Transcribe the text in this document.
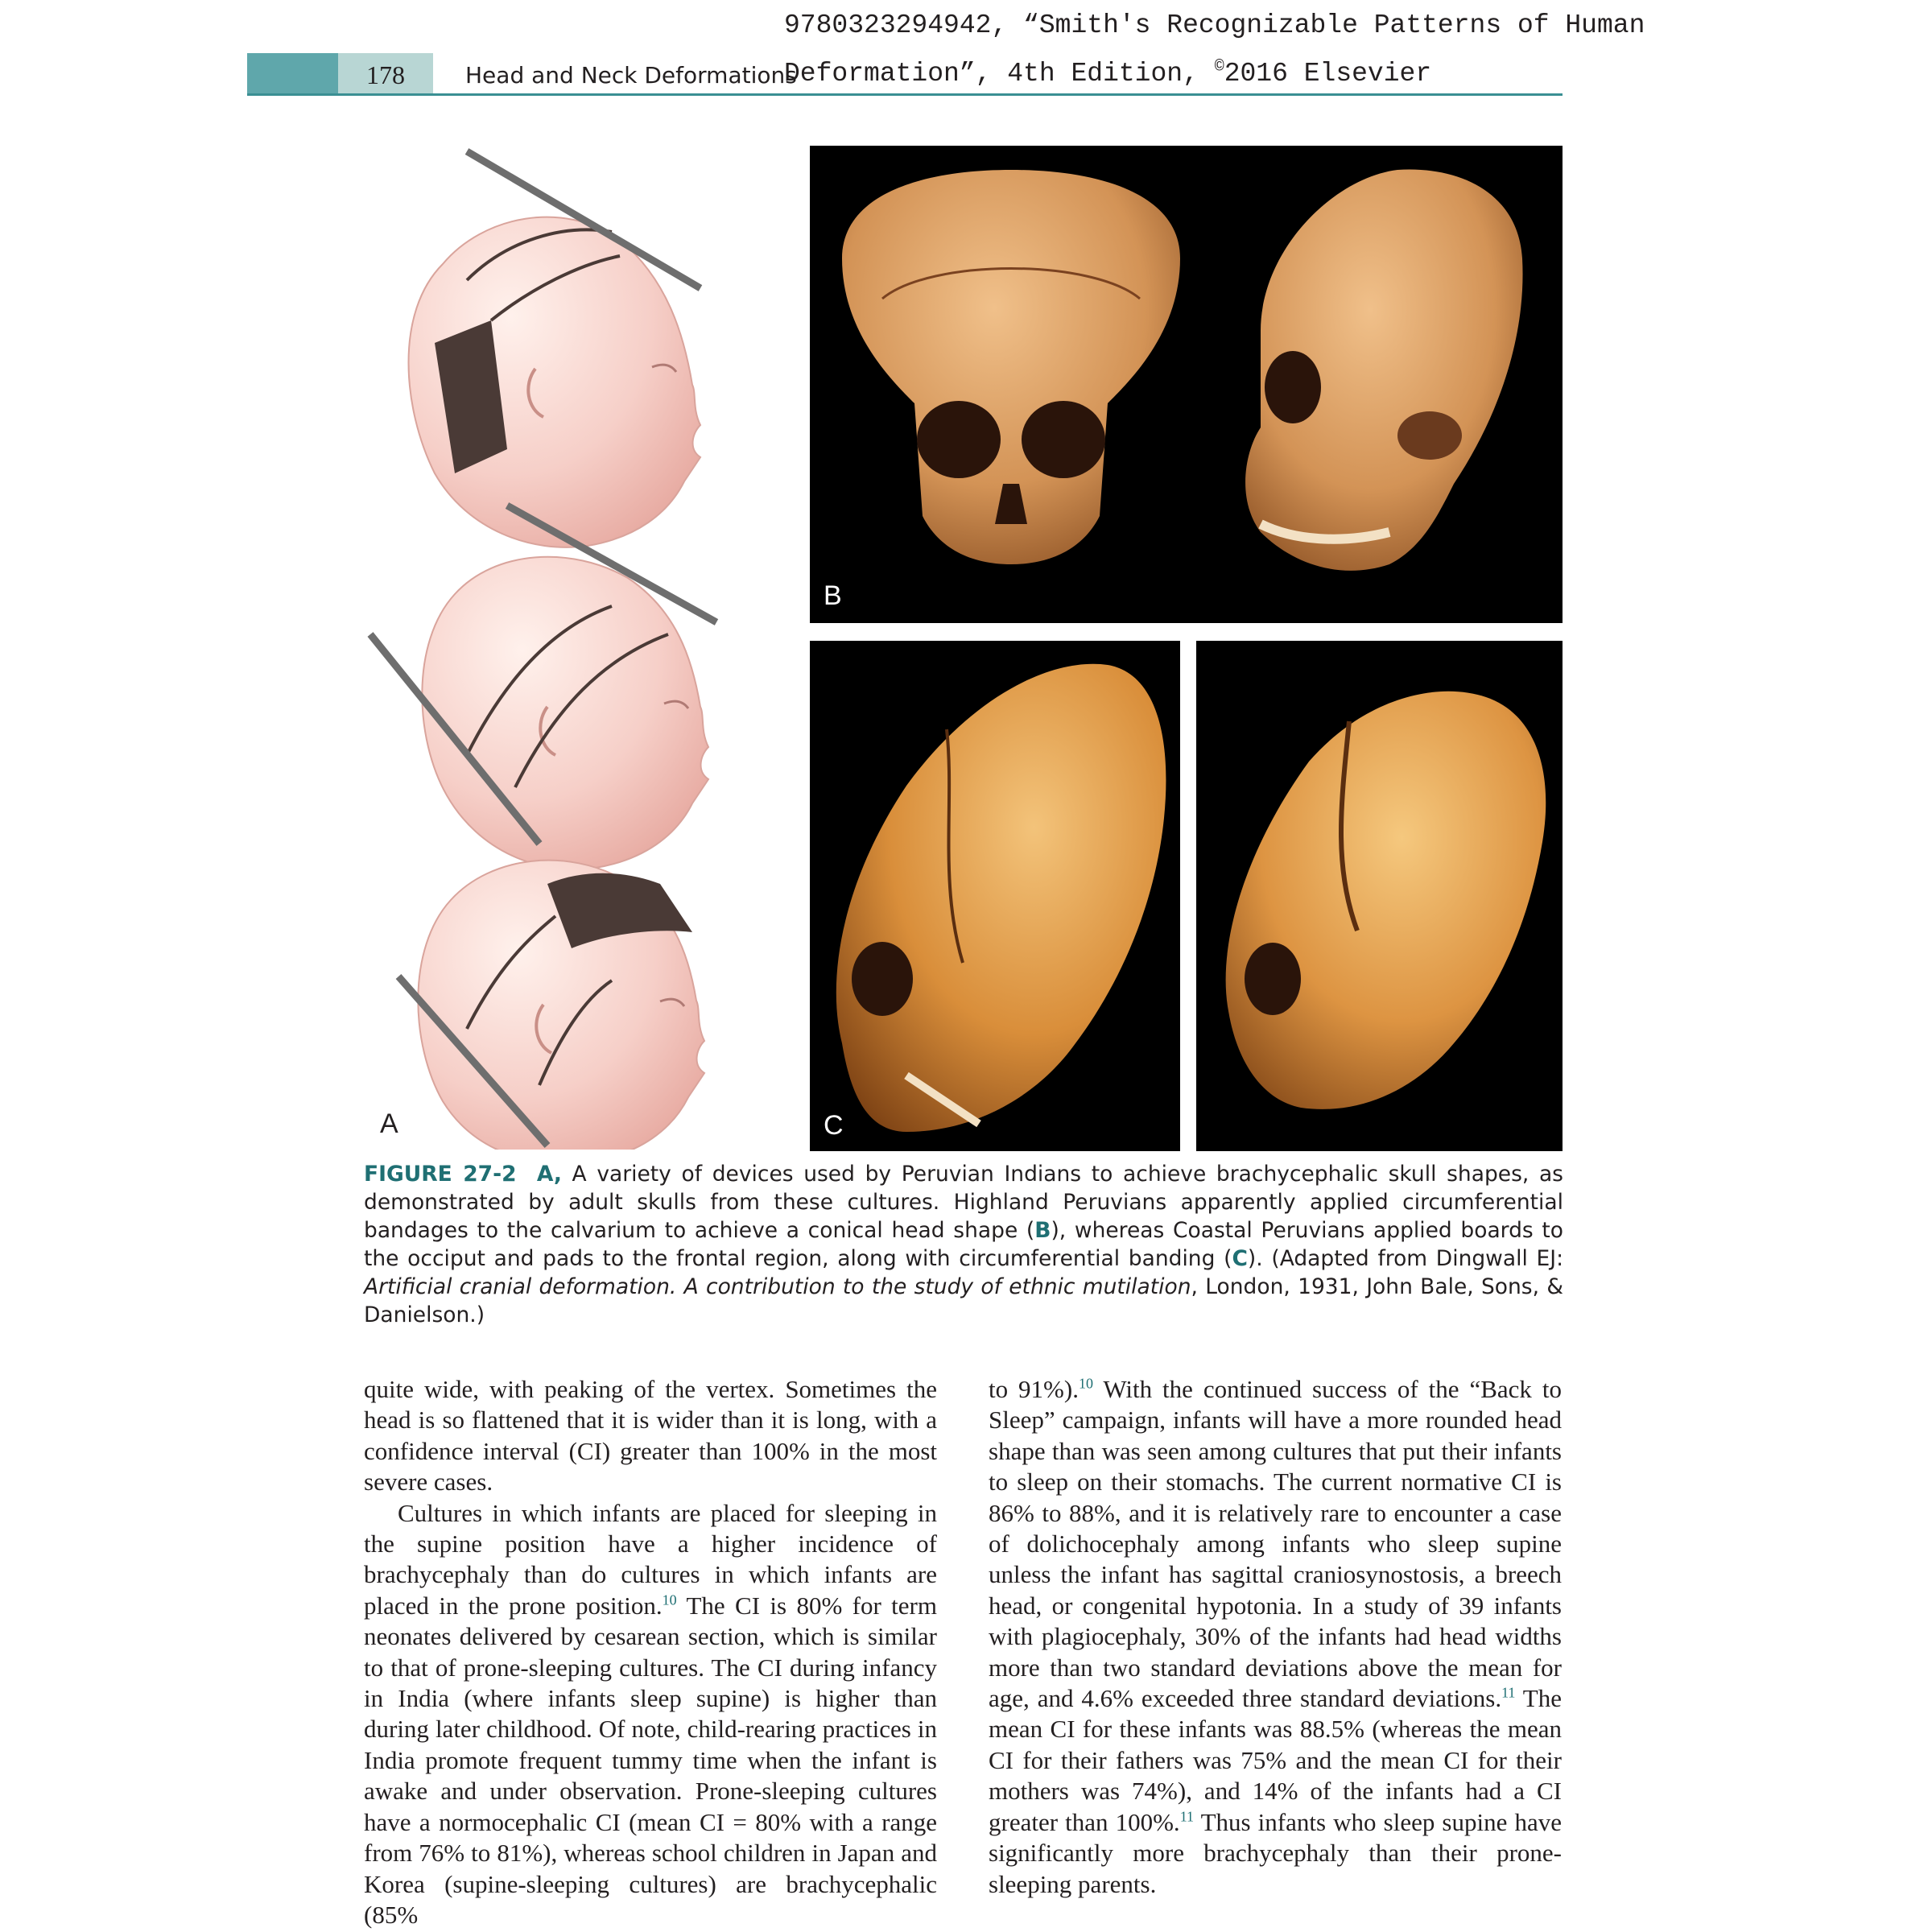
178	Head and Neck Deformations
9780323294942, “Smith's Recognizable Patterns of Human
Deformation”, 4th Edition, ©2016 Elsevier
A
B
C
FIGURE 27-2 A, A variety of devices used by Peruvian Indians to achieve brachycephalic skull shapes, as demonstrated by adult skulls from these cultures. Highland Peruvians apparently applied circumferential bandages to the calvarium to achieve a conical head shape (B), whereas Coastal Peruvians applied boards to the occiput and pads to the frontal region, along with circumferential banding (C). (Adapted from Dingwall EJ: Artificial cranial deformation. A contribution to the study of ethnic mutilation, London, 1931, John Bale, Sons, & Danielson.)

quite wide, with peaking of the vertex. Sometimes the head is so flattened that it is wider than it is long, with a confidence interval (CI) greater than 100% in the most severe cases.

Cultures in which infants are placed for sleeping in the supine position have a higher incidence of brachycephaly than do cultures in which infants are placed in the prone position.$^{10}$ The CI is 80% for term neonates delivered by cesarean section, which is similar to that of prone-sleeping cultures. The CI during infancy in India (where infants sleep supine) is higher than during later childhood. Of note, child-rearing practices in India promote frequent tummy time when the infant is awake and under observation. Prone-sleeping cultures have a normocephalic CI (mean CI = 80% with a range from 76% to 81%), whereas school children in Japan and Korea (supine-sleeping cultures) are brachycephalic (85%

to 91%).$^{10}$ With the continued success of the “Back to Sleep” campaign, infants will have a more rounded head shape than was seen among cultures that put their infants to sleep on their stomachs. The current normative CI is 86% to 88%, and it is relatively rare to encounter a case of dolichocephaly among infants who sleep supine unless the infant has sagittal craniosynostosis, a breech head, or congenital hypotonia. In a study of 39 infants with plagiocephaly, 30% of the infants had head widths more than two standard deviations above the mean for age, and 4.6% exceeded three standard deviations.$^{11}$ The mean CI for these infants was 88.5% (whereas the mean CI for their fathers was 75% and the mean CI for their mothers was 74%), and 14% of the infants had a CI greater than 100%.$^{11}$ Thus infants who sleep supine have significantly more brachycephaly than their prone-sleeping parents.
